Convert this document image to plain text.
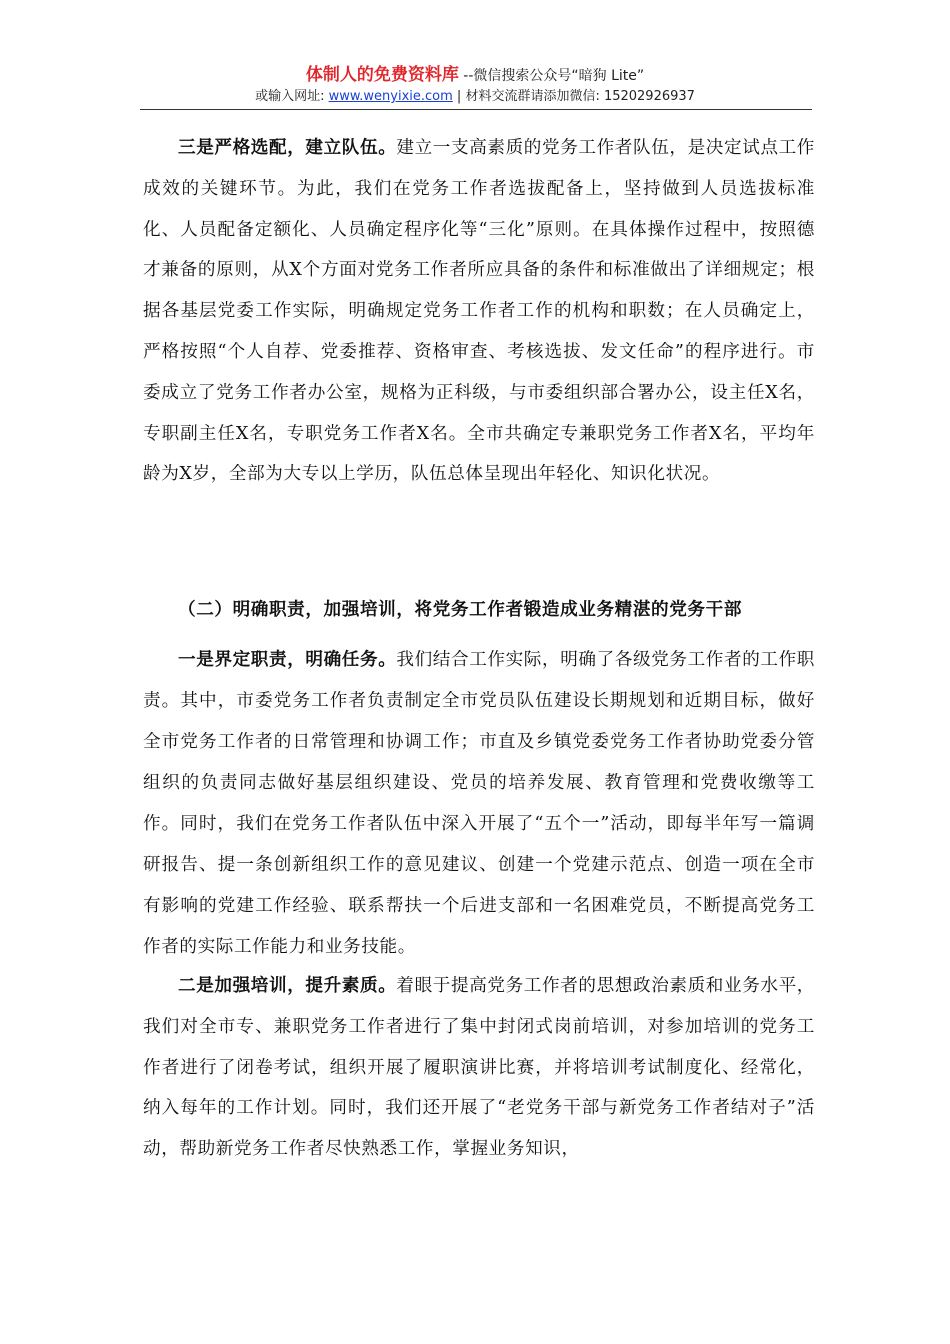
体制人的免费资料库 --微信搜索公众号“暗狗 Lite”
或输入网址: www.wenyixie.com | 材料交流群请添加微信: 15202926937

三是严格选配，建立队伍。建立一支高素质的党务工作者队伍，是决定试点工作成效的关键环节。为此，我们在党务工作者选拔配备上，坚持做到人员选拔标准化、人员配备定额化、人员确定程序化等“三化”原则。在具体操作过程中，按照德才兼备的原则，从X个方面对党务工作者所应具备的条件和标准做出了详细规定；根据各基层党委工作实际，明确规定党务工作者工作的机构和职数；在人员确定上，严格按照“个人自荐、党委推荐、资格审查、考核选拔、发文任命”的程序进行。市委成立了党务工作者办公室，规格为正科级，与市委组织部合署办公，设主任X名，专职副主任X名，专职党务工作者X名。全市共确定专兼职党务工作者X名，平均年龄为X岁，全部为大专以上学历，队伍总体呈现出年轻化、知识化状况。

（二）明确职责，加强培训，将党务工作者锻造成业务精湛的党务干部

一是界定职责，明确任务。我们结合工作实际，明确了各级党务工作者的工作职责。其中，市委党务工作者负责制定全市党员队伍建设长期规划和近期目标，做好全市党务工作者的日常管理和协调工作；市直及乡镇党委党务工作者协助党委分管组织的负责同志做好基层组织建设、党员的培养发展、教育管理和党费收缴等工作。同时，我们在党务工作者队伍中深入开展了“五个一”活动，即每半年写一篇调研报告、提一条创新组织工作的意见建议、创建一个党建示范点、创造一项在全市有影响的党建工作经验、联系帮扶一个后进支部和一名困难党员，不断提高党务工作者的实际工作能力和业务技能。

二是加强培训，提升素质。着眼于提高党务工作者的思想政治素质和业务水平，我们对全市专、兼职党务工作者进行了集中封闭式岗前培训，对参加培训的党务工作者进行了闭卷考试，组织开展了履职演讲比赛，并将培训考试制度化、经常化，纳入每年的工作计划。同时，我们还开展了“老党务干部与新党务工作者结对子”活动，帮助新党务工作者尽快熟悉工作，掌握业务知识，
